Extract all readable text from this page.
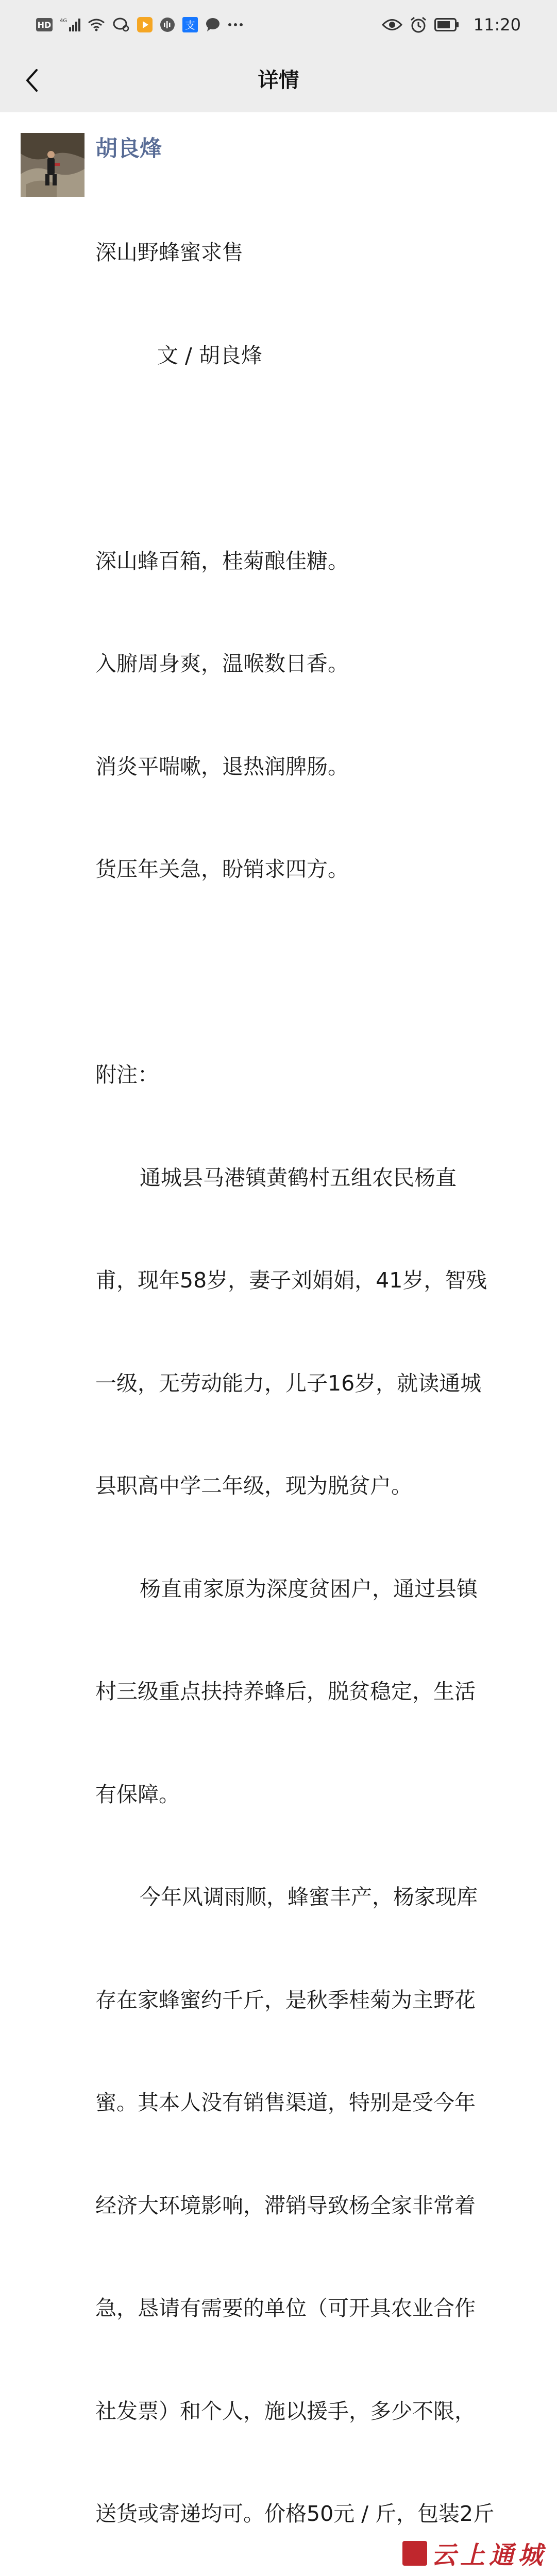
HD 4G	支	11:20
详情
胡良烽

深山野蜂蜜求售

文 / 胡良烽

深山蜂百箱，桂菊酿佳糖。

入腑周身爽，温喉数日香。

消炎平喘嗽，退热润脾肠。

货压年关急，盼销求四方。

附注：

通城县马港镇黄鹤村五组农民杨直

甫，现年58岁，妻子刘娟娟，41岁，智残

一级，无劳动能力，儿子16岁，就读通城

县职高中学二年级，现为脱贫户。

杨直甫家原为深度贫困户，通过县镇

村三级重点扶持养蜂后，脱贫稳定，生活

有保障。

今年风调雨顺，蜂蜜丰产，杨家现库

存在家蜂蜜约千斤，是秋季桂菊为主野花

蜜。其本人没有销售渠道，特别是受今年

经济大环境影响，滞销导致杨全家非常着

急，恳请有需要的单位（可开具农业合作

社发票）和个人，施以援手，多少不限，

送货或寄递均可。价格50元 / 斤，包装2斤

云上通城
